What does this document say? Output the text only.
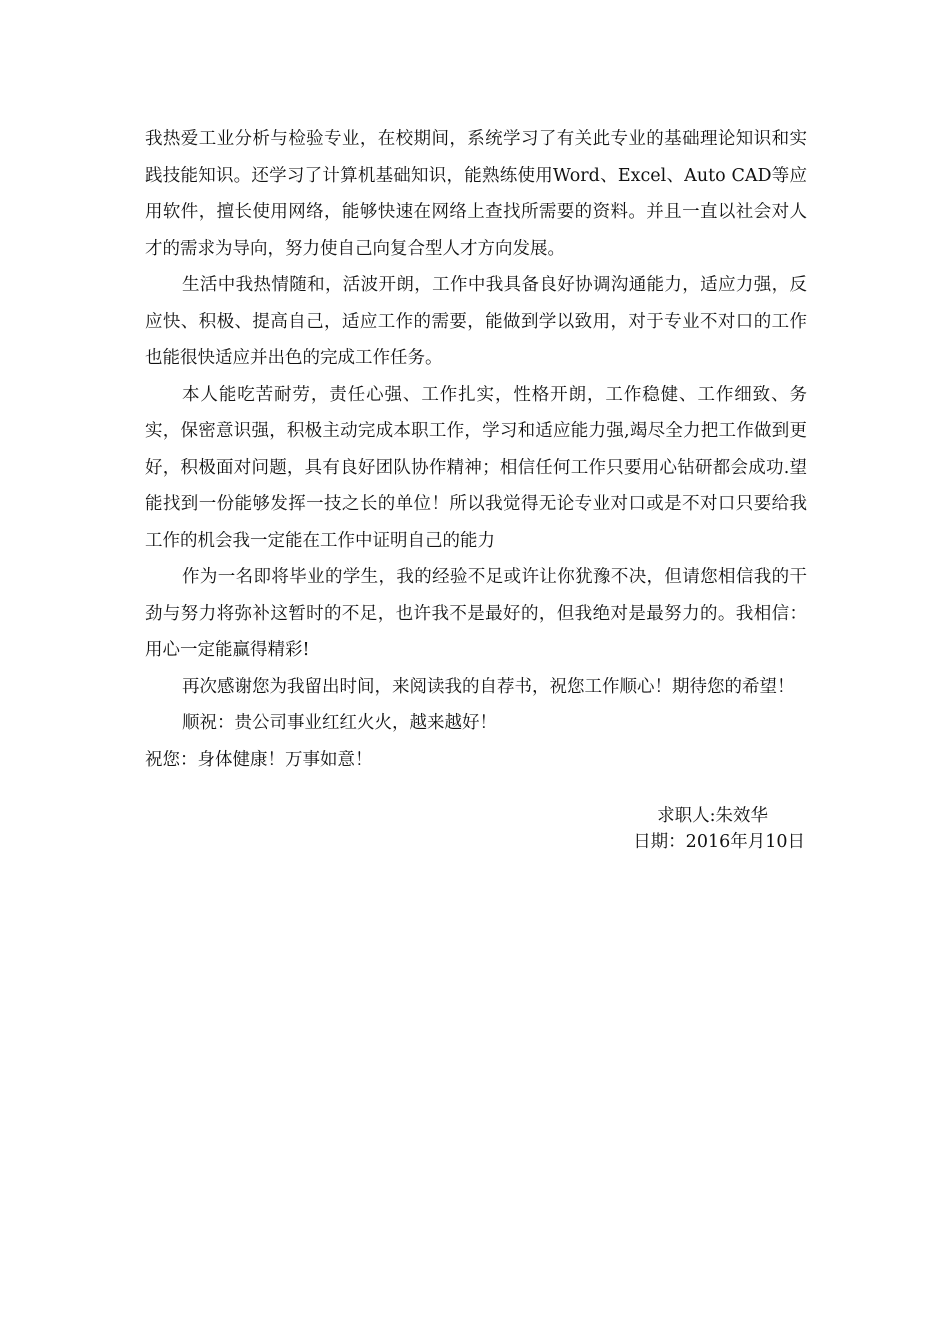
我热爱工业分析与检验专业，在校期间，系统学习了有关此专业的基础理论知识和实践技能知识。还学习了计算机基础知识，能熟练使用Word、Excel、Auto CAD等应用软件，擅长使用网络，能够快速在网络上查找所需要的资料。并且一直以社会对人才的需求为导向，努力使自己向复合型人才方向发展。

生活中我热情随和，活波开朗，工作中我具备良好协调沟通能力，适应力强，反应快、积极、提高自己，适应工作的需要，能做到学以致用，对于专业不对口的工作也能很快适应并出色的完成工作任务。

本人能吃苦耐劳，责任心强、工作扎实，性格开朗，工作稳健、工作细致、务实，保密意识强，积极主动完成本职工作，学习和适应能力强,竭尽全力把工作做到更好，积极面对问题，具有良好团队协作精神；相信任何工作只要用心钻研都会成功.望能找到一份能够发挥一技之长的单位！所以我觉得无论专业对口或是不对口只要给我工作的机会我一定能在工作中证明自己的能力

作为一名即将毕业的学生，我的经验不足或许让你犹豫不决，但请您相信我的干劲与努力将弥补这暂时的不足，也许我不是最好的，但我绝对是最努力的。我相信：用心一定能赢得精彩!

再次感谢您为我留出时间，来阅读我的自荐书，祝您工作顺心！期待您的希望！

顺祝：贵公司事业红红火火，越来越好！

祝您：身体健康！万事如意！

求职人:朱效华
日期：2016年月10日
